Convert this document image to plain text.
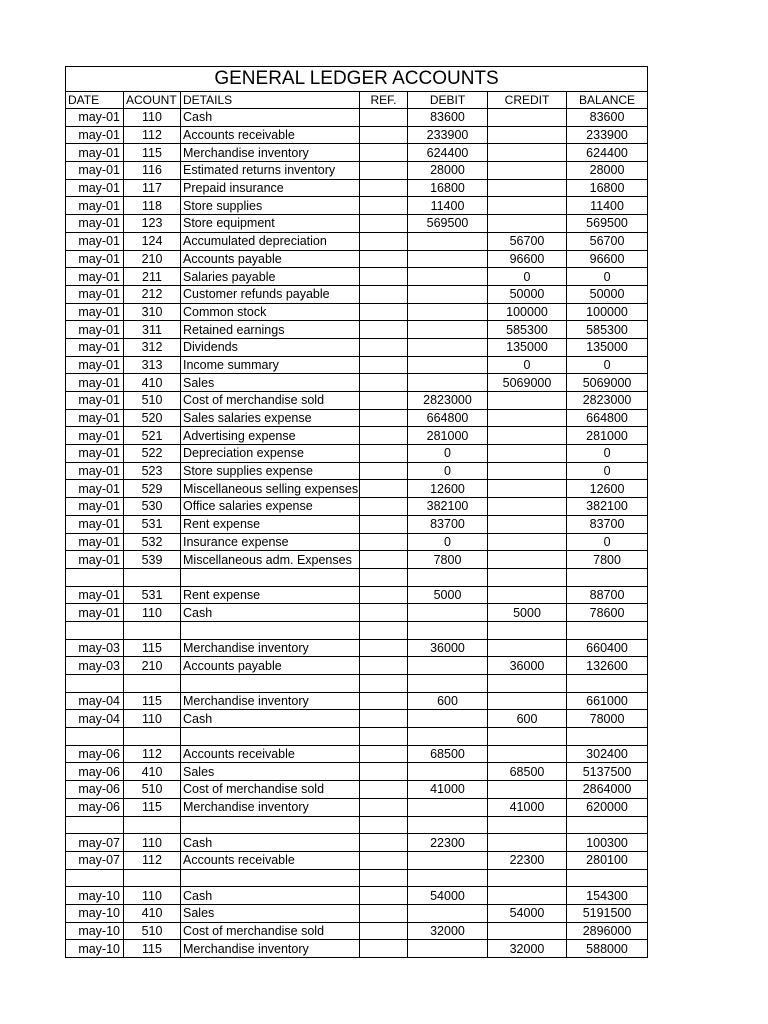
GENERAL LEDGER ACCOUNTS						
DATE	ACOUNT	DETAILS	REF.	DEBIT	CREDIT	BALANCE
may-01	110	Cash		83600		83600
may-01	112	Accounts receivable		233900		233900
may-01	115	Merchandise inventory		624400		624400
may-01	116	Estimated returns inventory		28000		28000
may-01	117	Prepaid insurance		16800		16800
may-01	118	Store supplies		11400		11400
may-01	123	Store equipment		569500		569500
may-01	124	Accumulated depreciation			56700	56700
may-01	210	Accounts payable			96600	96600
may-01	211	Salaries payable			0	0
may-01	212	Customer refunds payable			50000	50000
may-01	310	Common stock			100000	100000
may-01	311	Retained earnings			585300	585300
may-01	312	Dividends			135000	135000
may-01	313	Income summary			0	0
may-01	410	Sales			5069000	5069000
may-01	510	Cost of merchandise sold		2823000		2823000
may-01	520	Sales salaries expense		664800		664800
may-01	521	Advertising expense		281000		281000
may-01	522	Depreciation expense		0		0
may-01	523	Store supplies expense		0		0
may-01	529	Miscellaneous selling expenses		12600		12600
may-01	530	Office salaries expense		382100		382100
may-01	531	Rent expense		83700		83700
may-01	532	Insurance expense		0		0
may-01	539	Miscellaneous adm. Expenses		7800		7800

may-01	531	Rent expense		5000		88700
may-01	110	Cash			5000	78600

may-03	115	Merchandise inventory		36000		660400
may-03	210	Accounts payable			36000	132600

may-04	115	Merchandise inventory		600		661000
may-04	110	Cash			600	78000

may-06	112	Accounts receivable		68500		302400
may-06	410	Sales			68500	5137500
may-06	510	Cost of merchandise sold		41000		2864000
may-06	115	Merchandise inventory			41000	620000

may-07	110	Cash		22300		100300
may-07	112	Accounts receivable			22300	280100

may-10	110	Cash		54000		154300
may-10	410	Sales			54000	5191500
may-10	510	Cost of merchandise sold		32000		2896000
may-10	115	Merchandise inventory			32000	588000
